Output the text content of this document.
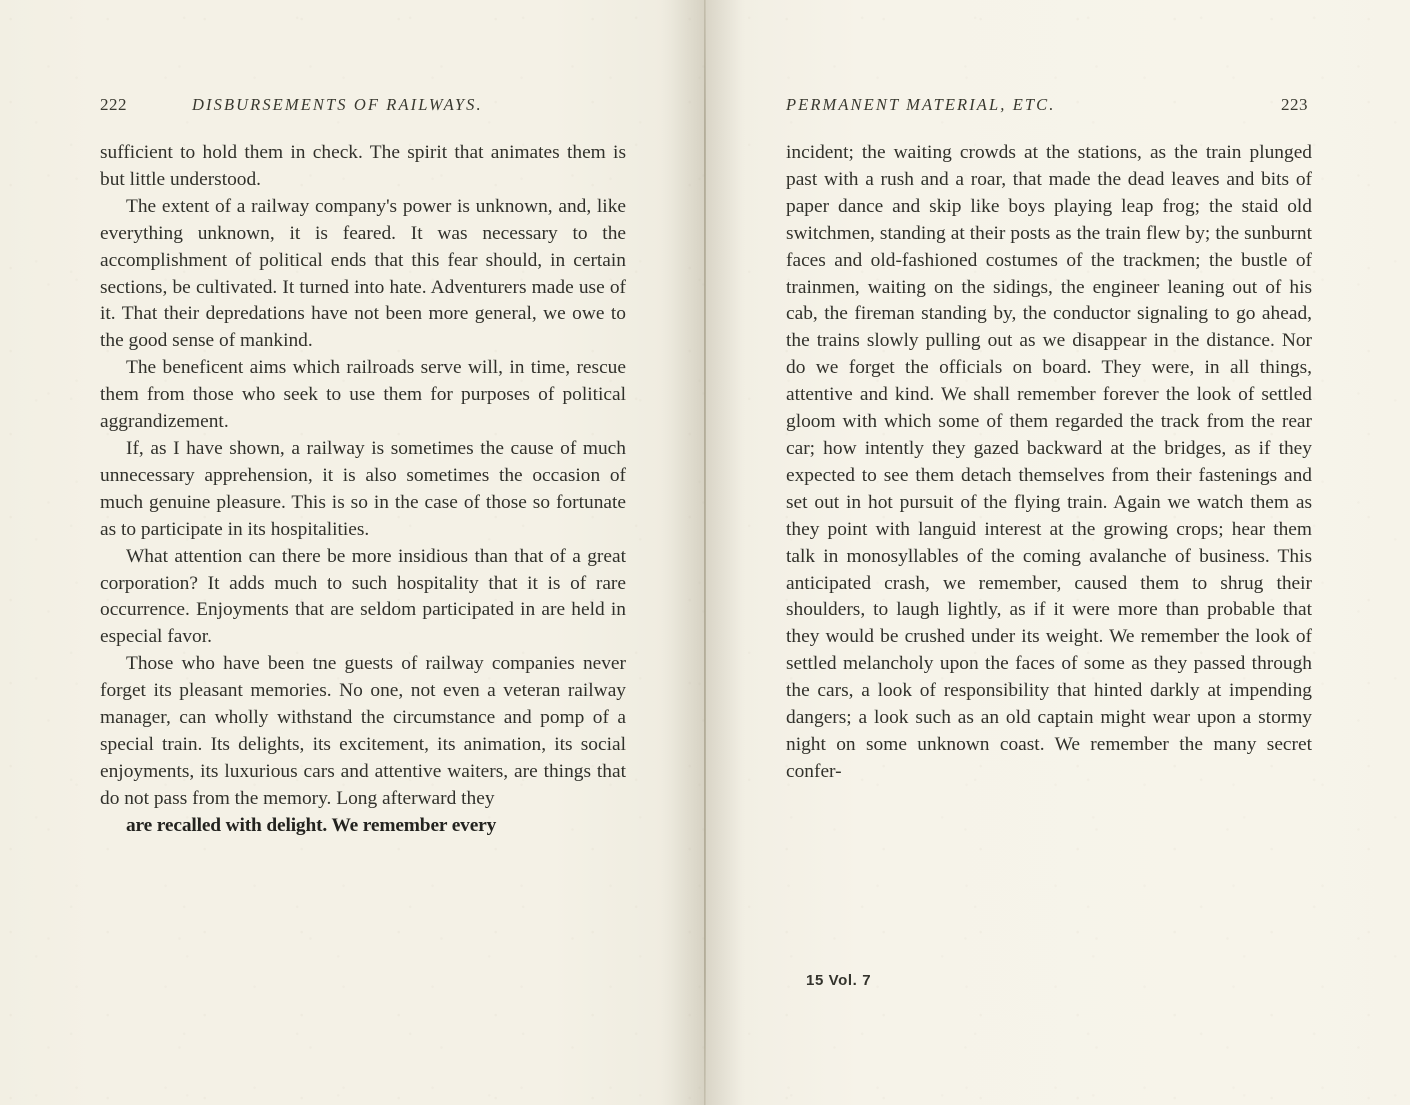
222	DISBURSEMENTS OF RAILWAYS.

sufficient to hold them in check. The spirit that animates them is but little understood.

The extent of a railway company's power is unknown, and, like everything unknown, it is feared. It was necessary to the accomplishment of political ends that this fear should, in certain sections, be cultivated. It turned into hate. Adventurers made use of it. That their depredations have not been more general, we owe to the good sense of mankind.

The beneficent aims which railroads serve will, in time, rescue them from those who seek to use them for purposes of political aggrandizement.

If, as I have shown, a railway is sometimes the cause of much unnecessary apprehension, it is also sometimes the occasion of much genuine pleasure. This is so in the case of those so fortunate as to participate in its hospitalities.

What attention can there be more insidious than that of a great corporation? It adds much to such hospitality that it is of rare occurrence. Enjoyments that are seldom participated in are held in especial favor.

Those who have been tne guests of railway companies never forget its pleasant memories. No one, not even a veteran railway manager, can wholly withstand the circumstance and pomp of a special train. Its delights, its excitement, its animation, its social enjoyments, its luxurious cars and attentive waiters, are things that do not pass from the memory. Long afterward they
are recalled with delight. We remember every

PERMANENT MATERIAL, ETC.	223

incident; the waiting crowds at the stations, as the train plunged past with a rush and a roar, that made the dead leaves and bits of paper dance and skip like boys playing leap frog; the staid old switchmen, standing at their posts as the train flew by; the sunburnt faces and old-fashioned costumes of the trackmen; the bustle of trainmen, waiting on the sidings, the engineer leaning out of his cab, the fireman standing by, the conductor signaling to go ahead, the trains slowly pulling out as we disappear in the distance. Nor do we forget the officials on board. They were, in all things, attentive and kind. We shall remember forever the look of settled gloom with which some of them regarded the track from the rear car; how intently they gazed backward at the bridges, as if they expected to see them detach themselves from their fastenings and set out in hot pursuit of the flying train. Again we watch them as they point with languid interest at the growing crops; hear them talk in monosyllables of the coming avalanche of business. This anticipated crash, we remember, caused them to shrug their shoulders, to laugh lightly, as if it were more than probable that they would be crushed under its weight. We remember the look of settled melancholy upon the faces of some as they passed through the cars, a look of responsibility that hinted darkly at impending dangers; a look such as an old captain might wear upon a stormy night on some unknown coast. We remember the many secret confer-

15 Vol. 7
